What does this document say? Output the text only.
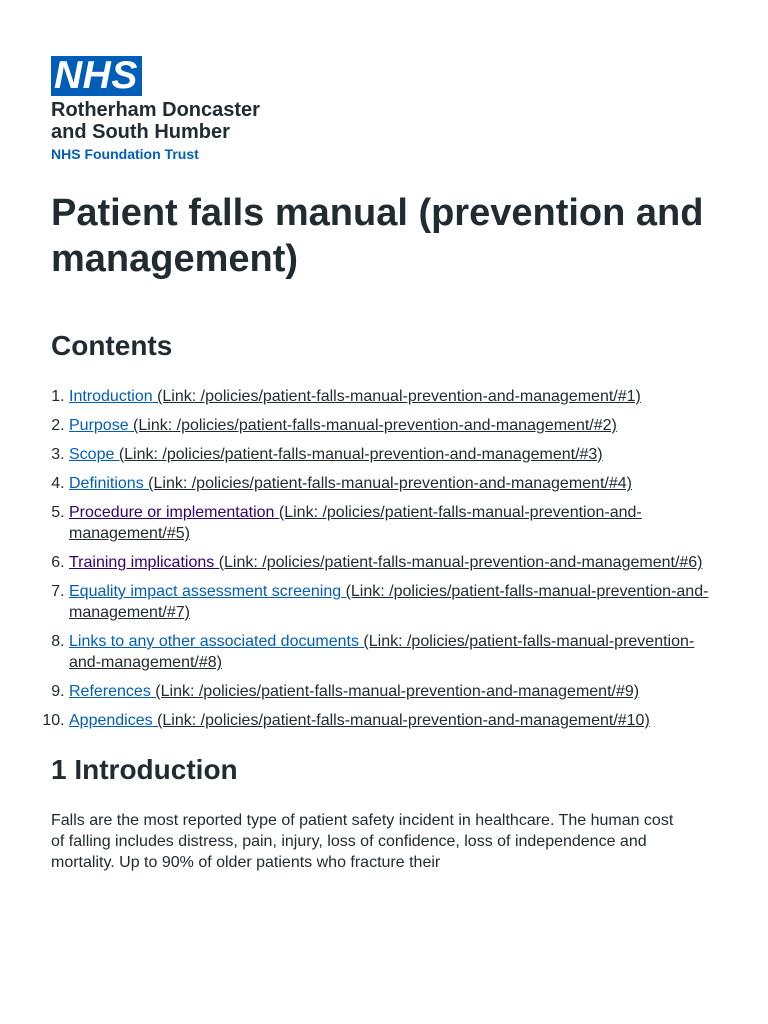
NHS
Rotherham Doncaster
and South Humber
NHS Foundation Trust
Patient falls manual (prevention and management)
Contents
1. Introduction (Link: /policies/patient-falls-manual-prevention-and-management/#1)
2. Purpose (Link: /policies/patient-falls-manual-prevention-and-management/#2)
3. Scope (Link: /policies/patient-falls-manual-prevention-and-management/#3)
4. Definitions (Link: /policies/patient-falls-manual-prevention-and-management/#4)
5. Procedure or implementation (Link: /policies/patient-falls-manual-prevention-and-management/#5)
6. Training implications (Link: /policies/patient-falls-manual-prevention-and-management/#6)
7. Equality impact assessment screening (Link: /policies/patient-falls-manual-prevention-and-management/#7)
8. Links to any other associated documents (Link: /policies/patient-falls-manual-prevention-and-management/#8)
9. References (Link: /policies/patient-falls-manual-prevention-and-management/#9)
10. Appendices (Link: /policies/patient-falls-manual-prevention-and-management/#10)
1 Introduction

Falls are the most reported type of patient safety incident in healthcare. The human cost of falling includes distress, pain, injury, loss of confidence, loss of independence and mortality. Up to 90% of older patients who fracture their
